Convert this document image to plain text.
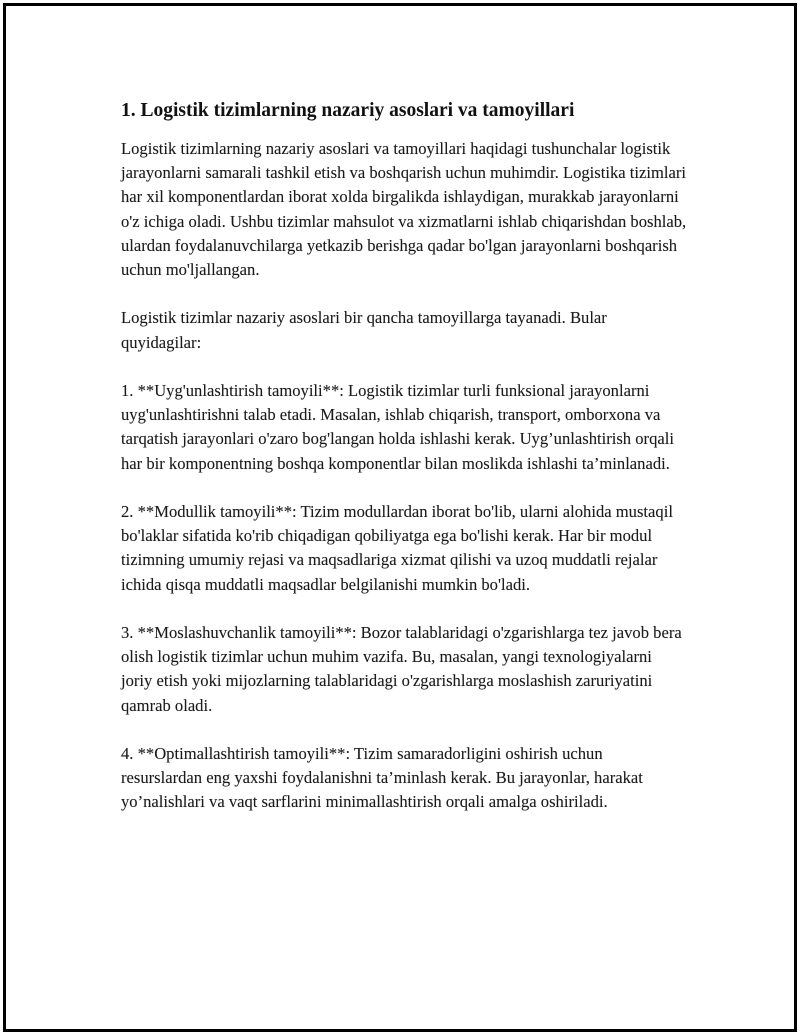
1. Logistik tizimlarning nazariy asoslari va tamoyillari

Logistik tizimlarning nazariy asoslari va tamoyillari haqidagi tushunchalar logistik jarayonlarni samarali tashkil etish va boshqarish uchun muhimdir. Logistika tizimlari har xil komponentlardan iborat xolda birgalikda ishlaydigan, murakkab jarayonlarni o'z ichiga oladi. Ushbu tizimlar mahsulot va xizmatlarni ishlab chiqarishdan boshlab, ulardan foydalanuvchilarga yetkazib berishga qadar bo'lgan jarayonlarni boshqarish uchun mo'ljallangan.

Logistik tizimlar nazariy asoslari bir qancha tamoyillarga tayanadi. Bular quyidagilar:

1. **Uyg'unlashtirish tamoyili**: Logistik tizimlar turli funksional jarayonlarni uyg'unlashtirishni talab etadi. Masalan, ishlab chiqarish, transport, omborxona va tarqatish jarayonlari o'zaro bog'langan holda ishlashi kerak. Uyg’unlashtirish orqali har bir komponentning boshqa komponentlar bilan moslikda ishlashi ta’minlanadi.

2. **Modullik tamoyili**: Tizim modullardan iborat bo'lib, ularni alohida mustaqil bo'laklar sifatida ko'rib chiqadigan qobiliyatga ega bo'lishi kerak. Har bir modul tizimning umumiy rejasi va maqsadlariga xizmat qilishi va uzoq muddatli rejalar ichida qisqa muddatli maqsadlar belgilanishi mumkin bo'ladi.

3. **Moslashuvchanlik tamoyili**: Bozor talablaridagi o'zgarishlarga tez javob bera olish logistik tizimlar uchun muhim vazifa. Bu, masalan, yangi texnologiyalarni joriy etish yoki mijozlarning talablaridagi o'zgarishlarga moslashish zaruriyatini qamrab oladi.

4. **Optimallashtirish tamoyili**: Tizim samaradorligini oshirish uchun resurslardan eng yaxshi foydalanishni ta’minlash kerak. Bu jarayonlar, harakat yo’nalishlari va vaqt sarflarini minimallashtirish orqali amalga oshiriladi.
